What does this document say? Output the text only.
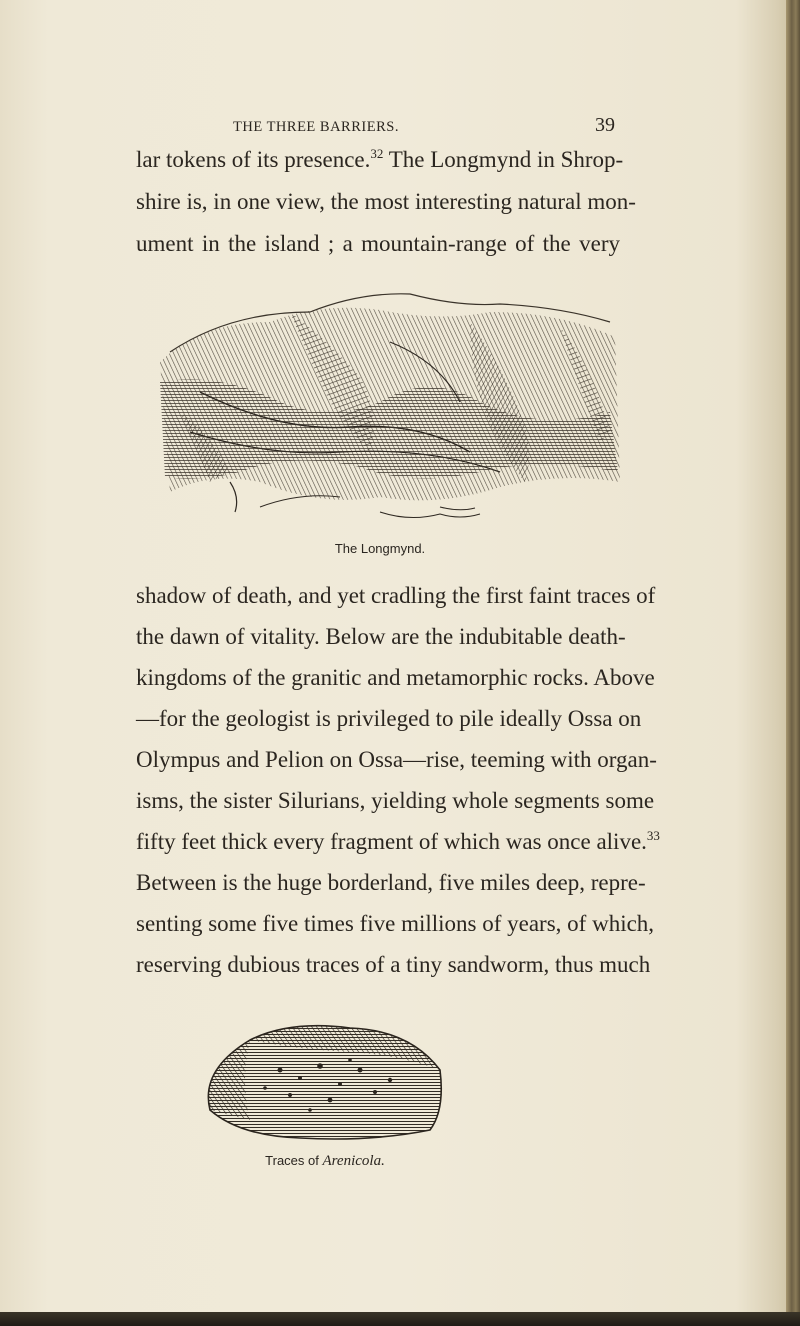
THE THREE BARRIERS.	39
lar tokens of its presence.$^{32}$ The Longmynd in Shrop-
shire is, in one view, the most interesting natural mon-
ument in the island ; a mountain-range of the very
The Longmynd.
shadow of death, and yet cradling the first faint traces of
the dawn of vitality. Below are the indubitable death-
kingdoms of the granitic and metamorphic rocks. Above
—for the geologist is privileged to pile ideally Ossa on
Olympus and Pelion on Ossa—rise, teeming with organ-
isms, the sister Silurians, yielding whole segments some
fifty feet thick every fragment of which was once alive.$^{33}$
Between is the huge borderland, five miles deep, repre-
senting some five times five millions of years, of which,
reserving dubious traces of a tiny sandworm, thus much
Traces of Arenicola.
